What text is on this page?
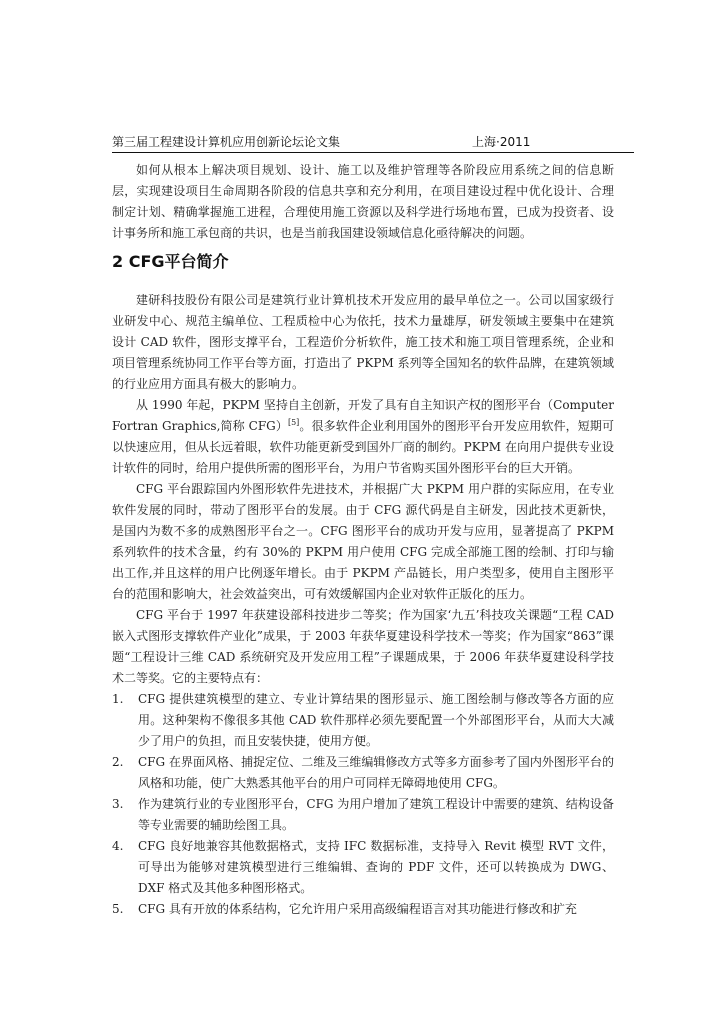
第三届工程建设计算机应用创新论坛论文集	上海·2011

如何从根本上解决项目规划、设计、施工以及维护管理等各阶段应用系统之间的信息断层，实现建设项目生命周期各阶段的信息共享和充分利用，在项目建设过程中优化设计、合理制定计划、精确掌握施工进程，合理使用施工资源以及科学进行场地布置，已成为投资者、设计事务所和施工承包商的共识，也是当前我国建设领域信息化亟待解决的问题。

2 CFG平台简介

建研科技股份有限公司是建筑行业计算机技术开发应用的最早单位之一。公司以国家级行业研发中心、规范主编单位、工程质检中心为依托，技术力量雄厚，研发领域主要集中在建筑设计 CAD 软件，图形支撑平台，工程造价分析软件，施工技术和施工项目管理系统，企业和项目管理系统协同工作平台等方面，打造出了 PKPM 系列等全国知名的软件品牌，在建筑领域的行业应用方面具有极大的影响力。

从 1990 年起，PKPM 坚持自主创新，开发了具有自主知识产权的图形平台（Computer Fortran Graphics,简称 CFG）[5]。很多软件企业利用国外的图形平台开发应用软件，短期可以快速应用，但从长远着眼，软件功能更新受到国外厂商的制约。PKPM 在向用户提供专业设计软件的同时，给用户提供所需的图形平台，为用户节省购买国外图形平台的巨大开销。

CFG 平台跟踪国内外图形软件先进技术，并根据广大 PKPM 用户群的实际应用，在专业软件发展的同时，带动了图形平台的发展。由于 CFG 源代码是自主研发，因此技术更新快，是国内为数不多的成熟图形平台之一。CFG 图形平台的成功开发与应用，显著提高了 PKPM 系列软件的技术含量，约有 30%的 PKPM 用户使用 CFG 完成全部施工图的绘制、打印与输出工作,并且这样的用户比例逐年增长。由于 PKPM 产品链长，用户类型多，使用自主图形平台的范围和影响大，社会效益突出，可有效缓解国内企业对软件正版化的压力。

CFG 平台于 1997 年获建设部科技进步二等奖；作为国家‘九五’科技攻关课题“工程 CAD 嵌入式图形支撑软件产业化”成果，于 2003 年获华夏建设科学技术一等奖；作为国家“863”课题“工程设计三维 CAD 系统研究及开发应用工程”子课题成果，于 2006 年获华夏建设科学技术二等奖。它的主要特点有：

1. CFG 提供建筑模型的建立、专业计算结果的图形显示、施工图绘制与修改等各方面的应用。这种架构不像很多其他 CAD 软件那样必须先要配置一个外部图形平台，从而大大减少了用户的负担，而且安装快捷，使用方便。
2. CFG 在界面风格、捕捉定位、二维及三维编辑修改方式等多方面参考了国内外图形平台的风格和功能，使广大熟悉其他平台的用户可同样无障碍地使用 CFG。
3. 作为建筑行业的专业图形平台，CFG 为用户增加了建筑工程设计中需要的建筑、结构设备等专业需要的辅助绘图工具。
4. CFG 良好地兼容其他数据格式，支持 IFC 数据标准，支持导入 Revit 模型 RVT 文件，可导出为能够对建筑模型进行三维编辑、查询的 PDF 文件，还可以转换成为 DWG、DXF 格式及其他多种图形格式。
5. CFG 具有开放的体系结构，它允许用户采用高级编程语言对其功能进行修改和扩充
